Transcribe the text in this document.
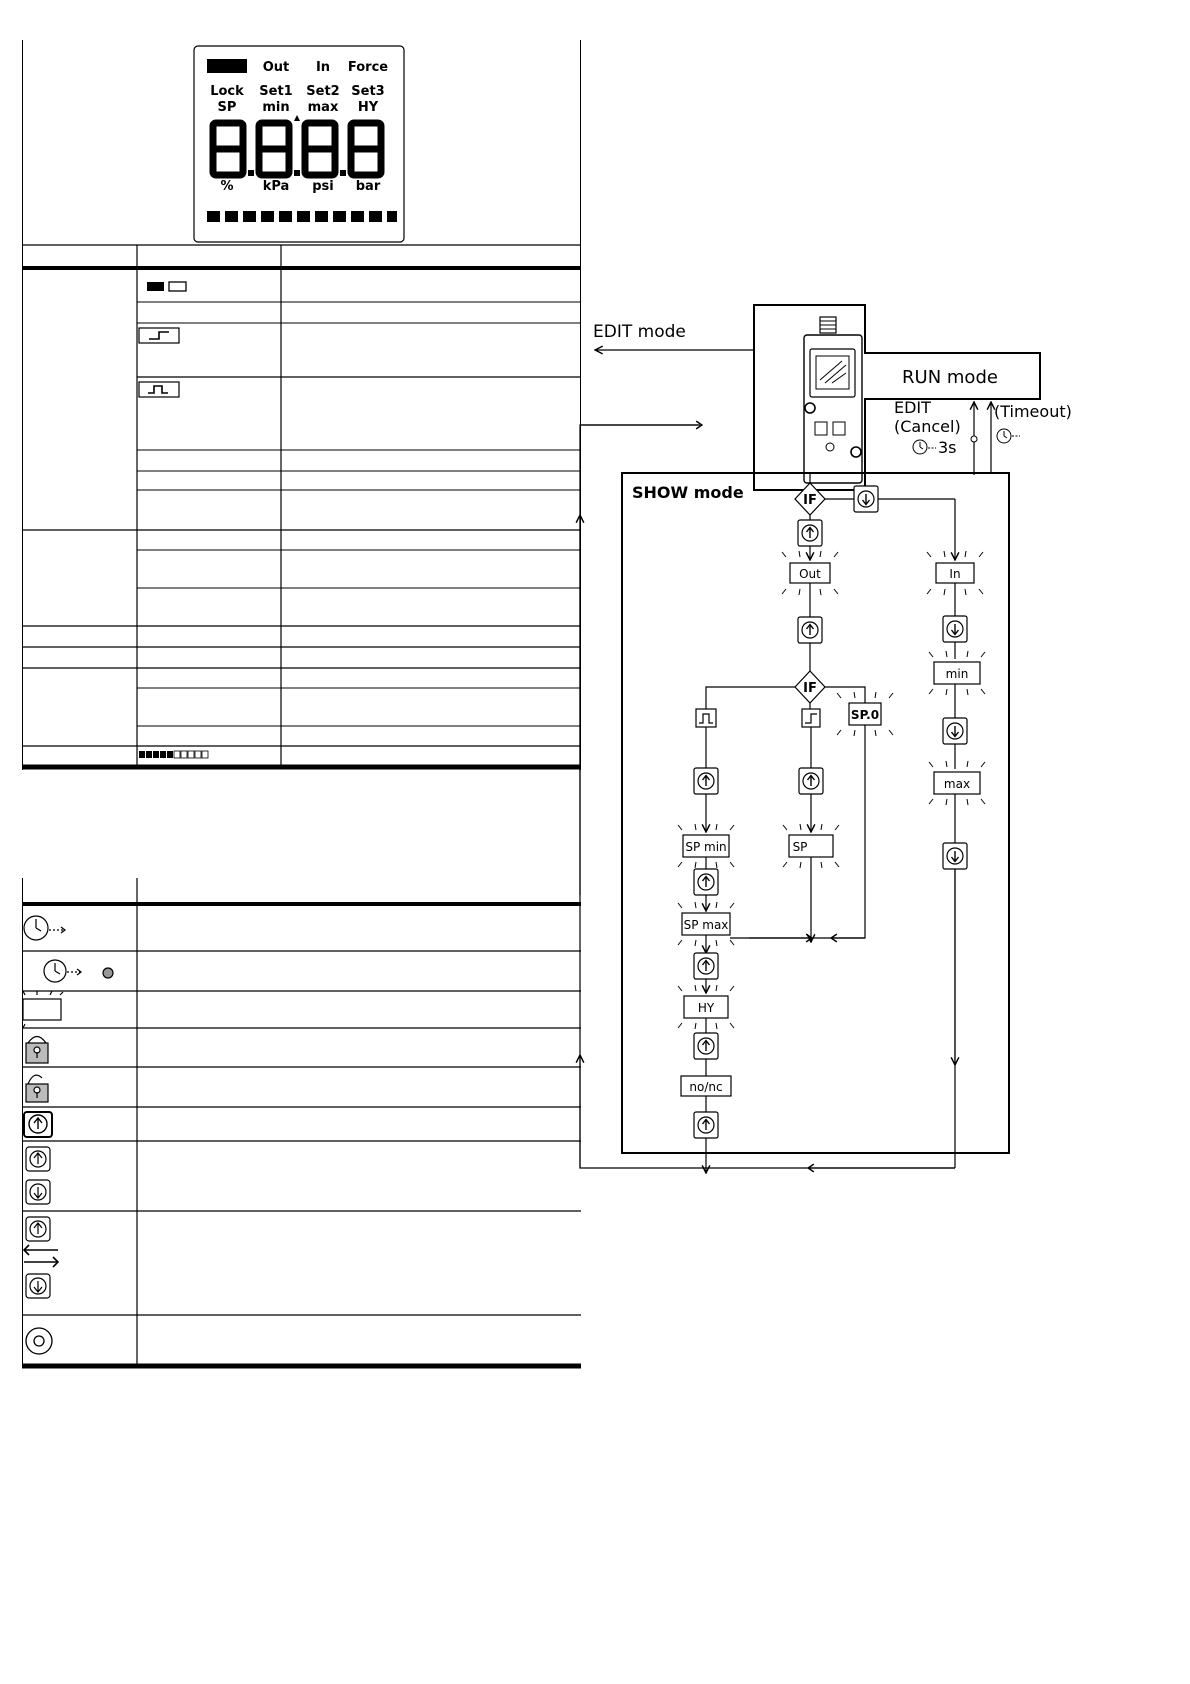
Out In Force
Lock Set1 Set2 Set3
SP min max HY
% kPa psi bar
RUN mode
EDIT mode
EDIT
(Cancel)
3s
(Timeout)
SHOW mode	IF
Out
IF
SP.0
SP min
SP max
HY
no/nc
SP
In
min
max
